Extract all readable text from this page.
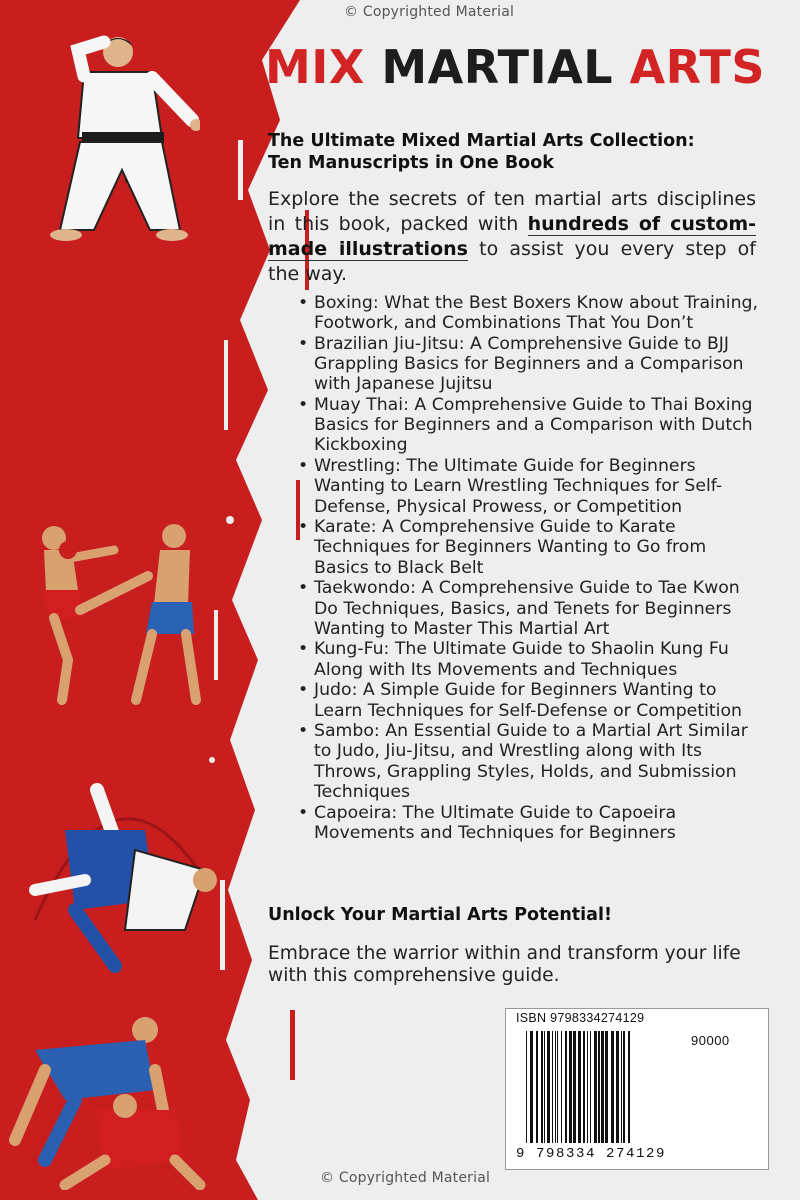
© Copyrighted Material
MIX MARTIAL ARTS

The Ultimate Mixed Martial Arts Collection:
Ten Manuscripts in One Book

Explore the secrets of ten martial arts disciplines in this book, packed with hundreds of custom-made illustrations to assist you every step of the way.

• Boxing: What the Best Boxers Know about Training, Footwork, and Combinations That You Don’t
• Brazilian Jiu-Jitsu: A Comprehensive Guide to BJJ Grappling Basics for Beginners and a Comparison with Japanese Jujitsu
• Muay Thai: A Comprehensive Guide to Thai Boxing Basics for Beginners and a Comparison with Dutch Kickboxing
• Wrestling: The Ultimate Guide for Beginners Wanting to Learn Wrestling Techniques for Self-Defense, Physical Prowess, or Competition
• Karate: A Comprehensive Guide to Karate Techniques for Beginners Wanting to Go from Basics to Black Belt
• Taekwondo: A Comprehensive Guide to Tae Kwon Do Techniques, Basics, and Tenets for Beginners Wanting to Master This Martial Art
• Kung-Fu: The Ultimate Guide to Shaolin Kung Fu Along with Its Movements and Techniques
• Judo: A Simple Guide for Beginners Wanting to Learn Techniques for Self-Defense or Competition
• Sambo: An Essential Guide to a Martial Art Similar to Judo, Jiu-Jitsu, and Wrestling along with Its Throws, Grappling Styles, Holds, and Submission Techniques
• Capoeira: The Ultimate Guide to Capoeira Movements and Techniques for Beginners

Unlock Your Martial Arts Potential!

Embrace the warrior within and transform your life with this comprehensive guide.

ISBN 9798334274129
90000
9 798334 274129
© Copyrighted Material
